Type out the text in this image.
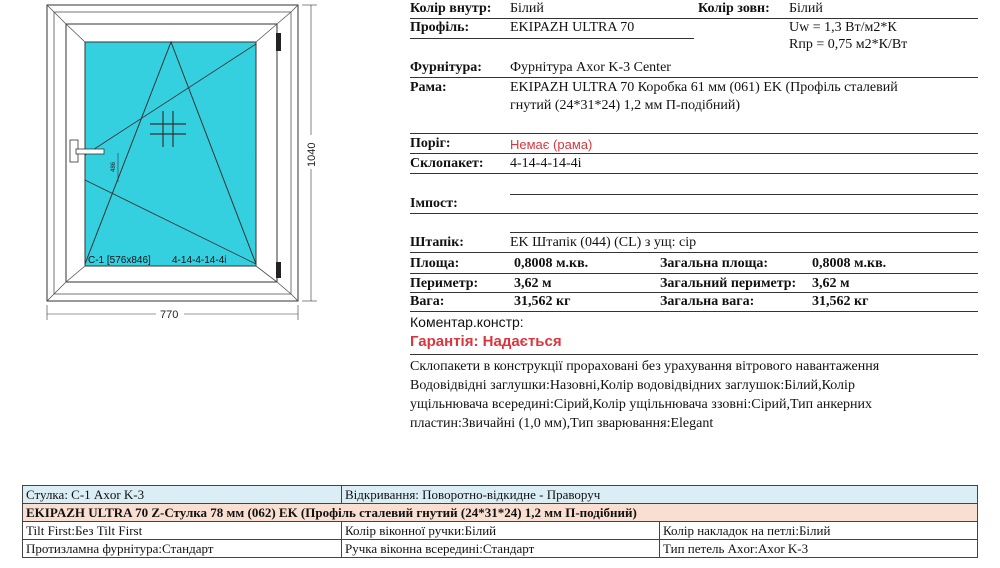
486
С-1 [576x846] 4-14-4-14-4i
770
1040
Колір внутр: Білий	Колір зовн: Білий
Профіль:	EKIPAZH ULTRA 70	Uw = 1,3 Вт/м2*К
Rпр = 0,75 м2*К/Вт
Фурнітура: Фурнітура Axor K-3 Center
Рама:	EKIPAZH ULTRA 70 Коробка 61 мм (061) EK (Профіль сталевий
гнутий (24*31*24) 1,2 мм П-подібний)
Поріг:	Немає (рама)
Склопакет: 4-14-4-14-4i
Імпост:
Штапік:	EK Штапік (044) (CL) з ущ: сір
Площа:	0,8008 м.кв.	Загальна площа:	0,8008 м.кв.
Периметр:	3,62 м	Загальний периметр: 3,62 м
Вага:	31,562 кг	Загальна вага:	31,562 кг
Коментар.констр:
Гарантія: Надається
Склопакети в конструкції прораховані без урахування вітрового навантаження
Водовідвідні заглушки:Назовні,Колір водовідвідних заглушок:Білий,Колір
ущільнювача всередині:Сірий,Колір ущільнювача ззовні:Сірий,Тип анкерних
пластин:Звичайні (1,0 мм),Тип зварювання:Elegant
Стулка: С-1 Axor K-3	Відкривання: Поворотно-відкидне - Праворуч	
EKIPAZH ULTRA 70 Z-Стулка 78 мм (062) EK (Профіль сталевий гнутий (24*31*24) 1,2 мм П-подібний)		
Tilt First:Без Tilt First	Колір віконної ручки:Білий	Колір накладок на петлі:Білий
Протизламна фурнітура:Стандарт	Ручка віконна всередині:Стандарт	Тип петель Axor:Axor K-3
